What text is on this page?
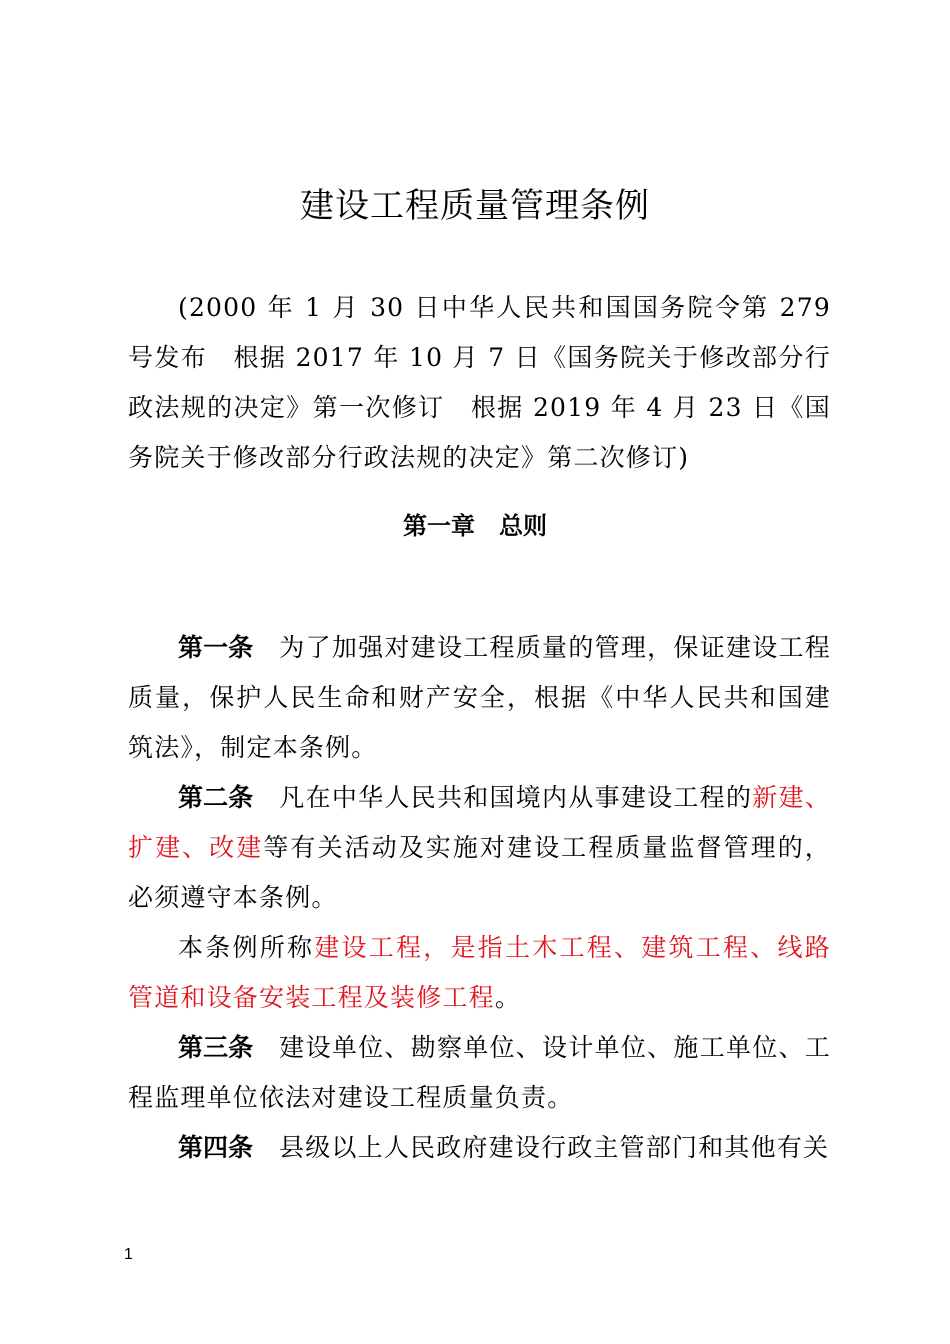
建设工程质量管理条例
(2000 年 1 月 30 日中华人民共和国国务院令第 279 号发布　根据 2017 年 10 月 7 日《国务院关于修改部分行政法规的决定》第一次修订　根据 2019 年 4 月 23 日《国务院关于修改部分行政法规的决定》第二次修订)
第一章 总则
第一条 为了加强对建设工程质量的管理，保证建设工程质量，保护人民生命和财产安全，根据《中华人民共和国建筑法》，制定本条例。
第二条 凡在中华人民共和国境内从事建设工程的新建、扩建、改建等有关活动及实施对建设工程质量监督管理的，必须遵守本条例。
本条例所称建设工程，是指土木工程、建筑工程、线路管道和设备安装工程及装修工程。
第三条 建设单位、勘察单位、设计单位、施工单位、工程监理单位依法对建设工程质量负责。
第四条 县级以上人民政府建设行政主管部门和其他有关
1
